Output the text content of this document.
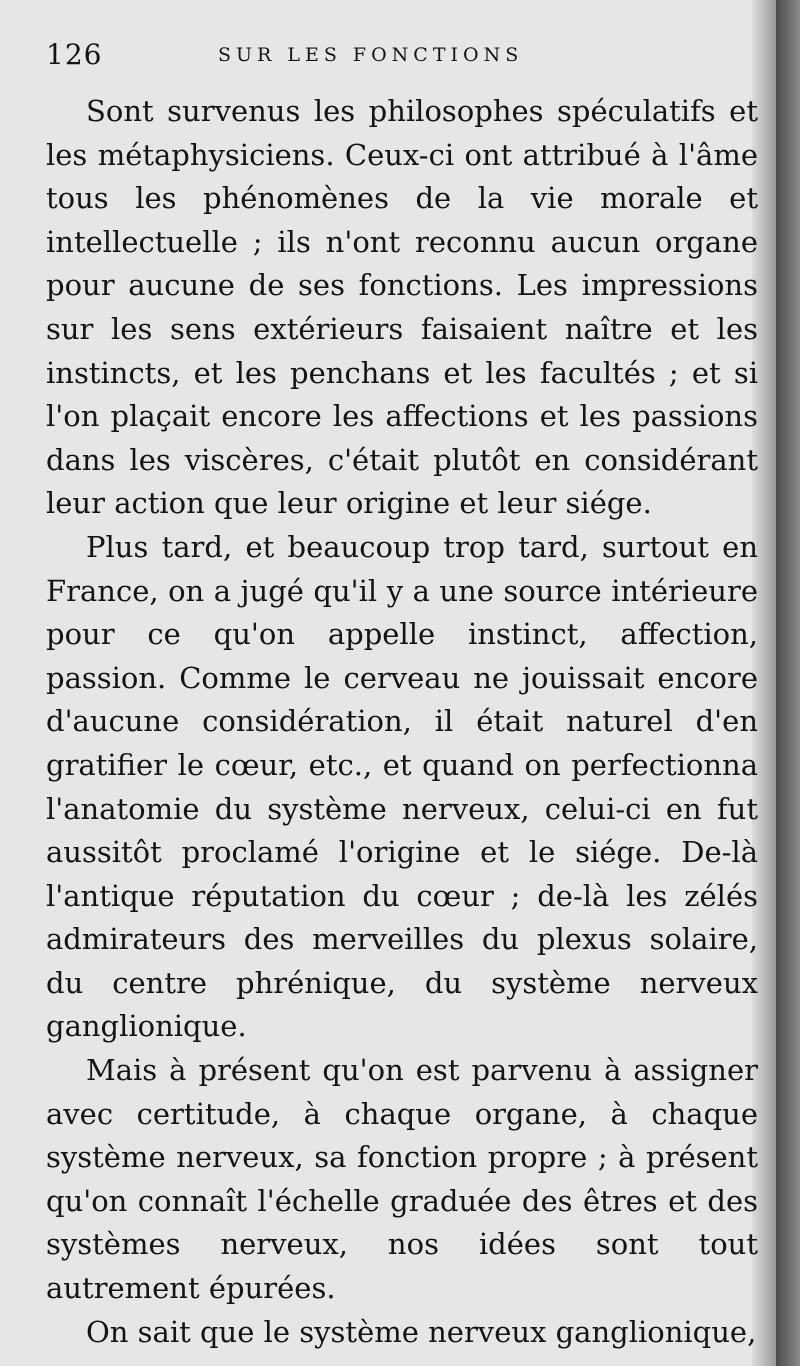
126	SUR LES FONCTIONS

Sont survenus les philosophes spéculatifs et les métaphysiciens. Ceux-ci ont attribué à l'âme tous les phénomènes de la vie morale et intellectuelle ; ils n'ont reconnu aucun organe pour aucune de ses fonctions. Les impressions sur les sens extérieurs faisaient naître et les instincts, et les penchans et les facultés ; et si l'on plaçait encore les affections et les passions dans les viscères, c'était plutôt en considérant leur action que leur origine et leur siége.

Plus tard, et beaucoup trop tard, surtout en France, on a jugé qu'il y a une source intérieure pour ce qu'on appelle instinct, affection, passion. Comme le cerveau ne jouissait encore d'aucune considération, il était naturel d'en gratifier le cœur, etc., et quand on perfectionna l'anatomie du système nerveux, celui-ci en fut aussitôt proclamé l'origine et le siége. De-là l'antique réputation du cœur ; de-là les zélés admirateurs des merveilles du plexus solaire, du centre phrénique, du système nerveux ganglionique.

Mais à présent qu'on est parvenu à assigner avec certitude, à chaque organe, à chaque système nerveux, sa fonction propre ; à présent qu'on connaît l'échelle graduée des êtres et des systèmes nerveux, nos idées sont tout autrement épurées.

On sait que le système nerveux ganglionique,
